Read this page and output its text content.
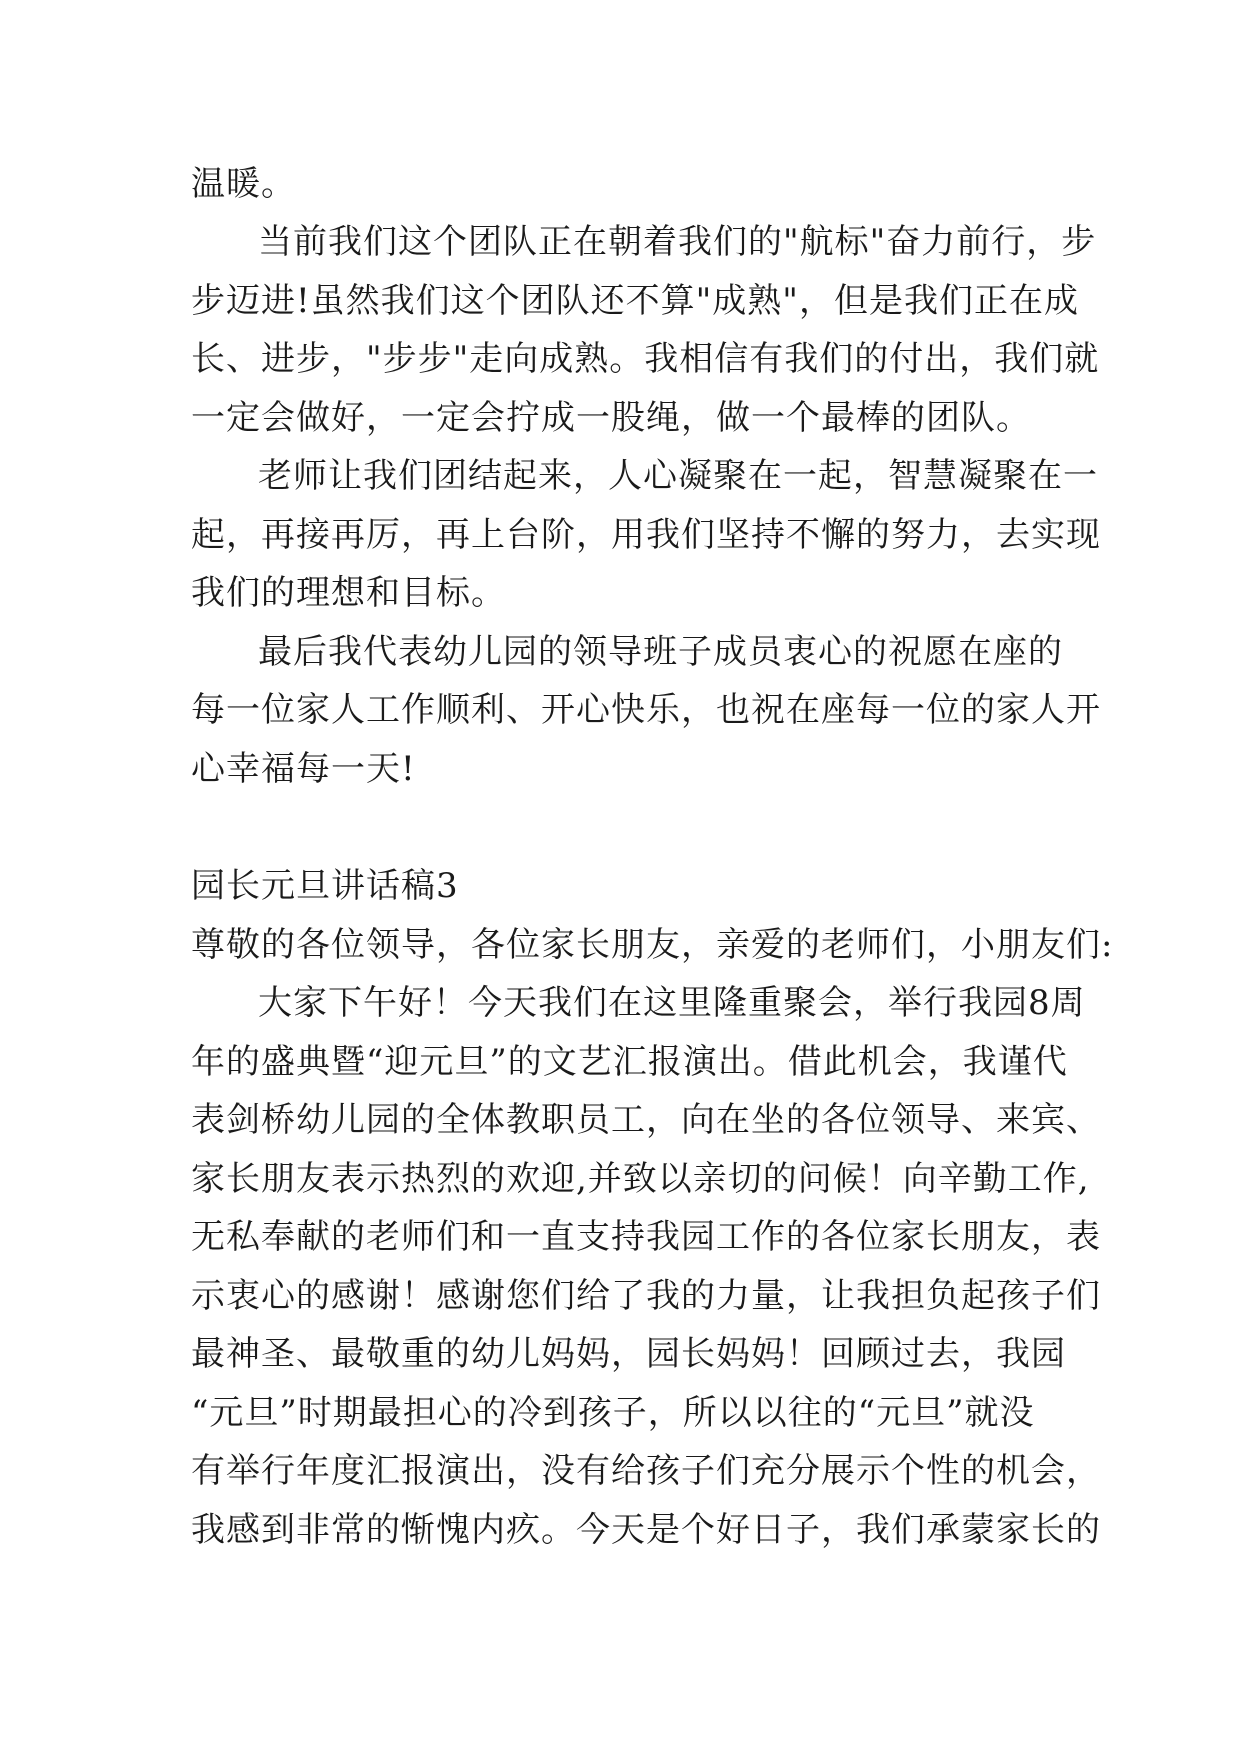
温暖。
当前我们这个团队正在朝着我们的"航标"奋力前行，步
步迈进!虽然我们这个团队还不算"成熟"，但是我们正在成
长、进步，"步步"走向成熟。我相信有我们的付出，我们就
一定会做好，一定会拧成一股绳，做一个最棒的团队。
老师让我们团结起来，人心凝聚在一起，智慧凝聚在一
起，再接再厉，再上台阶，用我们坚持不懈的努力，去实现
我们的理想和目标。
最后我代表幼儿园的领导班子成员衷心的祝愿在座的
每一位家人工作顺利、开心快乐，也祝在座每一位的家人开
心幸福每一天!
园长元旦讲话稿3
尊敬的各位领导，各位家长朋友，亲爱的老师们，小朋友们:
大家下午好！今天我们在这里隆重聚会，举行我园8周
年的盛典暨“迎元旦”的文艺汇报演出。借此机会，我谨代
表剑桥幼儿园的全体教职员工，向在坐的各位领导、来宾、
家长朋友表示热烈的欢迎,并致以亲切的问候！向辛勤工作,
无私奉献的老师们和一直支持我园工作的各位家长朋友，表
示衷心的感谢！感谢您们给了我的力量，让我担负起孩子们
最神圣、最敬重的幼儿妈妈，园长妈妈！回顾过去，我园
“元旦”时期最担心的冷到孩子，所以以往的“元旦”就没
有举行年度汇报演出，没有给孩子们充分展示个性的机会，
我感到非常的惭愧内疚。今天是个好日子，我们承蒙家长的
